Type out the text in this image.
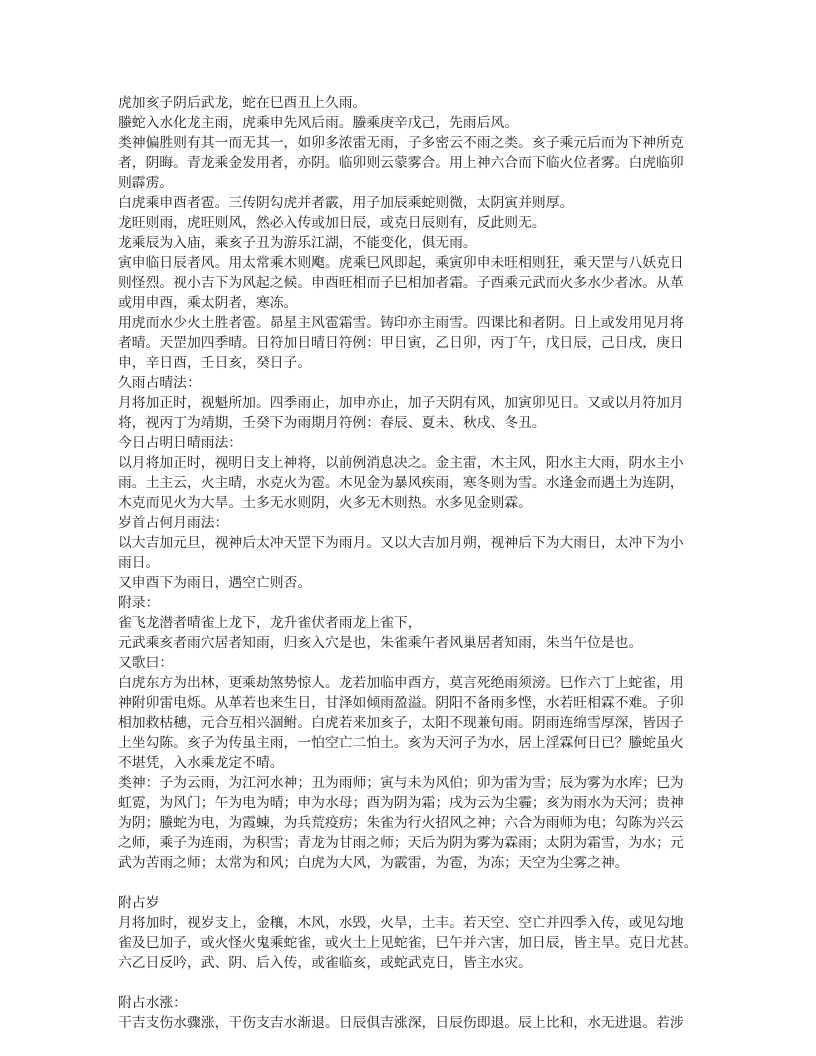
虎加亥子阴后武龙，蛇在巳酉丑上久雨。
螣蛇入水化龙主雨，虎乘申先风后雨。螣乘庚辛戊己，先雨后风。
类神偏胜则有其一而无其一，如卯多浓雷无雨，子多密云不雨之类。亥子乘元后而为下神所克
者，阴晦。青龙乘金发用者，亦阴。临卯则云蒙雾合。用上神六合而下临火位者雾。白虎临卯
则霹雳。
白虎乘申酉者雹。三传阴勾虎并者霰，用子加辰乘蛇则微，太阴寅并则厚。
龙旺则雨，虎旺则风，然必入传或加日辰，或克日辰则有，反此则无。
龙乘辰为入庙，乘亥子丑为游乐江湖，不能变化，俱无雨。
寅申临日辰者风。用太常乘木则飑。虎乘巳风即起，乘寅卯申未旺相则狂，乘天罡与八妖克日
则怪烈。视小吉下为风起之候。申酉旺相而子巳相加者霜。子酉乘元武而火多水少者冰。从革
或用申酉，乘太阴者，寒冻。
用虎而水少火土胜者雹。昴星主风雹霜雪。铸印亦主雨雪。四课比和者阴。日上或发用见月将
者晴。天罡加四季晴。日符加日晴日符例：甲日寅，乙日卯，丙丁午，戊日辰，己日戌，庚日
申，辛日酉，壬日亥，癸日子。
久雨占晴法：
月将加正时，视魁所加。四季雨止，加申亦止，加子天阴有风，加寅卯见日。又或以月符加月
将，视丙丁为靖期，壬癸下为雨期月符例：春辰、夏未、秋戌、冬丑。
今日占明日晴雨法：
以月将加正时，视明日支上神将，以前例消息决之。金主雷，木主风，阳水主大雨，阴水主小
雨。土主云，火主晴，水克火为雹。木见金为暴风疾雨，寒冬则为雪。水逢金而遇土为连阴，
木克而见火为大旱。土多无水则阴，火多无木则热。水多见金则霖。
岁首占何月雨法：
以大吉加元旦，视神后太冲天罡下为雨月。又以大吉加月朔，视神后下为大雨日，太冲下为小
雨日。
又申酉下为雨日，遇空亡则否。
附录：
雀飞龙潜者晴雀上龙下，龙升雀伏者雨龙上雀下，
元武乘亥者雨穴居者知雨，归亥入穴是也，朱雀乘午者风巢居者知雨，朱当午位是也。
又歌曰：
白虎东方为出林，更乘劫煞势惊人。龙若加临申酉方，莫言死绝雨须滂。巳作六丁上蛇雀，用
神附卯雷电烁。从革若也来生日，甘泽如倾雨盈溢。阴阳不备雨多悭，水若旺相霖不难。子卯
相加救枯穗，元合互相兴涸鲋。白虎若来加亥子，太阳不现兼旬雨。阴雨连绵雪厚深，皆因子
上坐勾陈。亥子为传虽主雨，一怕空亡二怕土。亥为天河子为水，居上淫霖何日已？螣蛇虽火
不堪凭，入水乘龙定不晴。
类神：子为云雨，为江河水神；丑为雨师；寅与未为风伯；卯为雷为雪；辰为雾为水库；巳为
虹霓，为风门；午为电为晴；申为水母；酉为阴为霜；戌为云为尘霾；亥为雨水为天河；贵神
为阴；螣蛇为电，为霞蝀，为兵荒疫疠；朱雀为行火招风之神；六合为雨师为电；勾陈为兴云
之师，乘子为连雨，为积雪；青龙为甘雨之师；天后为阴为雾为霖雨；太阴为霜雪，为水；元
武为苦雨之师；太常为和风；白虎为大风，为霰雷，为雹，为冻；天空为尘雾之神。
附占岁
月将加时，视岁支上，金穰，木风，水毁，火旱，土丰。若天空、空亡并四季入传，或见勾地
雀及巳加子，或火怪火鬼乘蛇雀，或火土上见蛇雀，巳午并六害，加日辰，皆主旱。克日尤甚。
六乙日反吟，武、阴、后入传，或雀临亥，或蛇武克日，皆主水灾。
附占水涨：
干吉支伤水骤涨，干伤支吉水渐退。日辰俱吉涨深，日辰伤即退。辰上比和，水无进退。若涉
